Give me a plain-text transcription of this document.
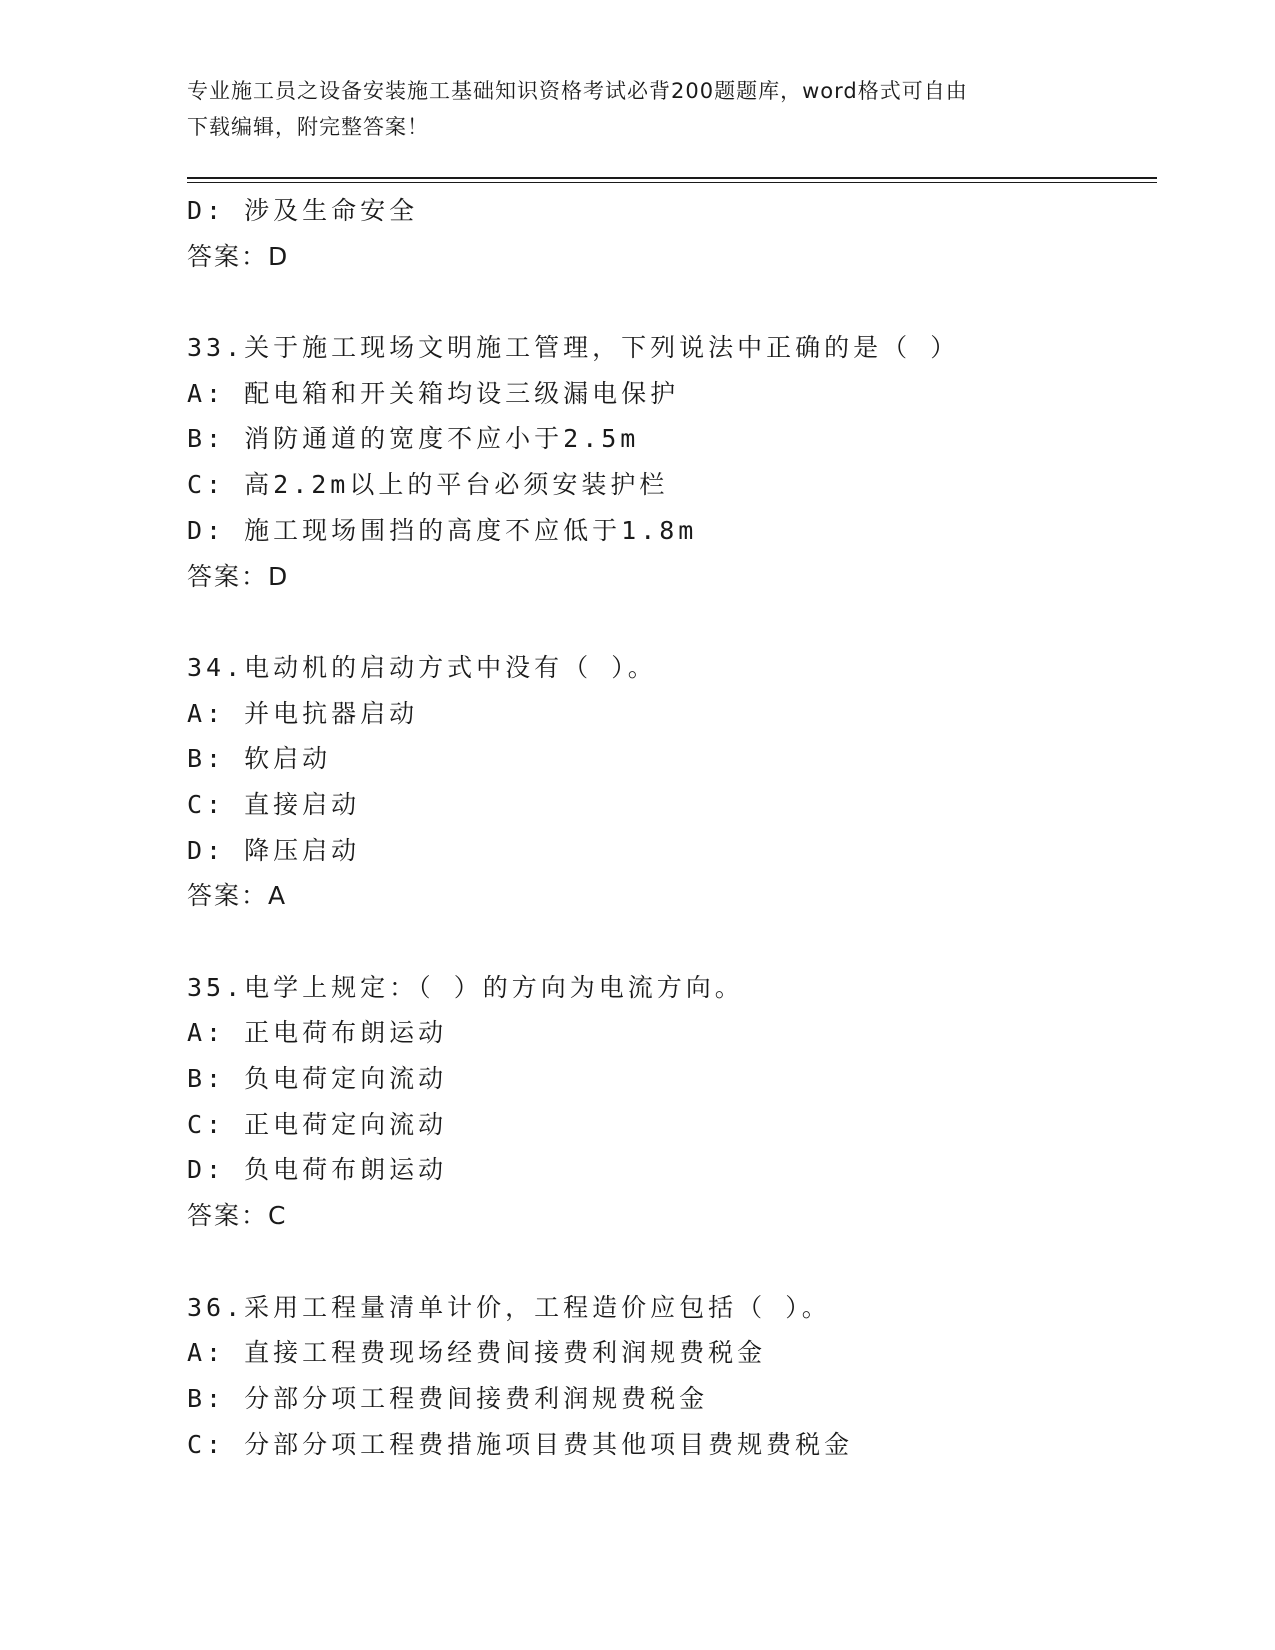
专业施工员之设备安装施工基础知识资格考试必背200题题库，word格式可自由
下载编辑，附完整答案！
D: 涉及生命安全
答案：D
33.关于施工现场文明施工管理，下列说法中正确的是（ ）
A: 配电箱和开关箱均设三级漏电保护
B: 消防通道的宽度不应小于2.5m
C: 高2.2m以上的平台必须安装护栏
D: 施工现场围挡的高度不应低于1.8m
答案：D
34.电动机的启动方式中没有（ ）。
A: 并电抗器启动
B: 软启动
C: 直接启动
D: 降压启动
答案：A
35.电学上规定：（ ）的方向为电流方向。
A: 正电荷布朗运动
B: 负电荷定向流动
C: 正电荷定向流动
D: 负电荷布朗运动
答案：C
36.采用工程量清单计价，工程造价应包括（ ）。
A: 直接工程费现场经费间接费利润规费税金
B: 分部分项工程费间接费利润规费税金
C: 分部分项工程费措施项目费其他项目费规费税金
